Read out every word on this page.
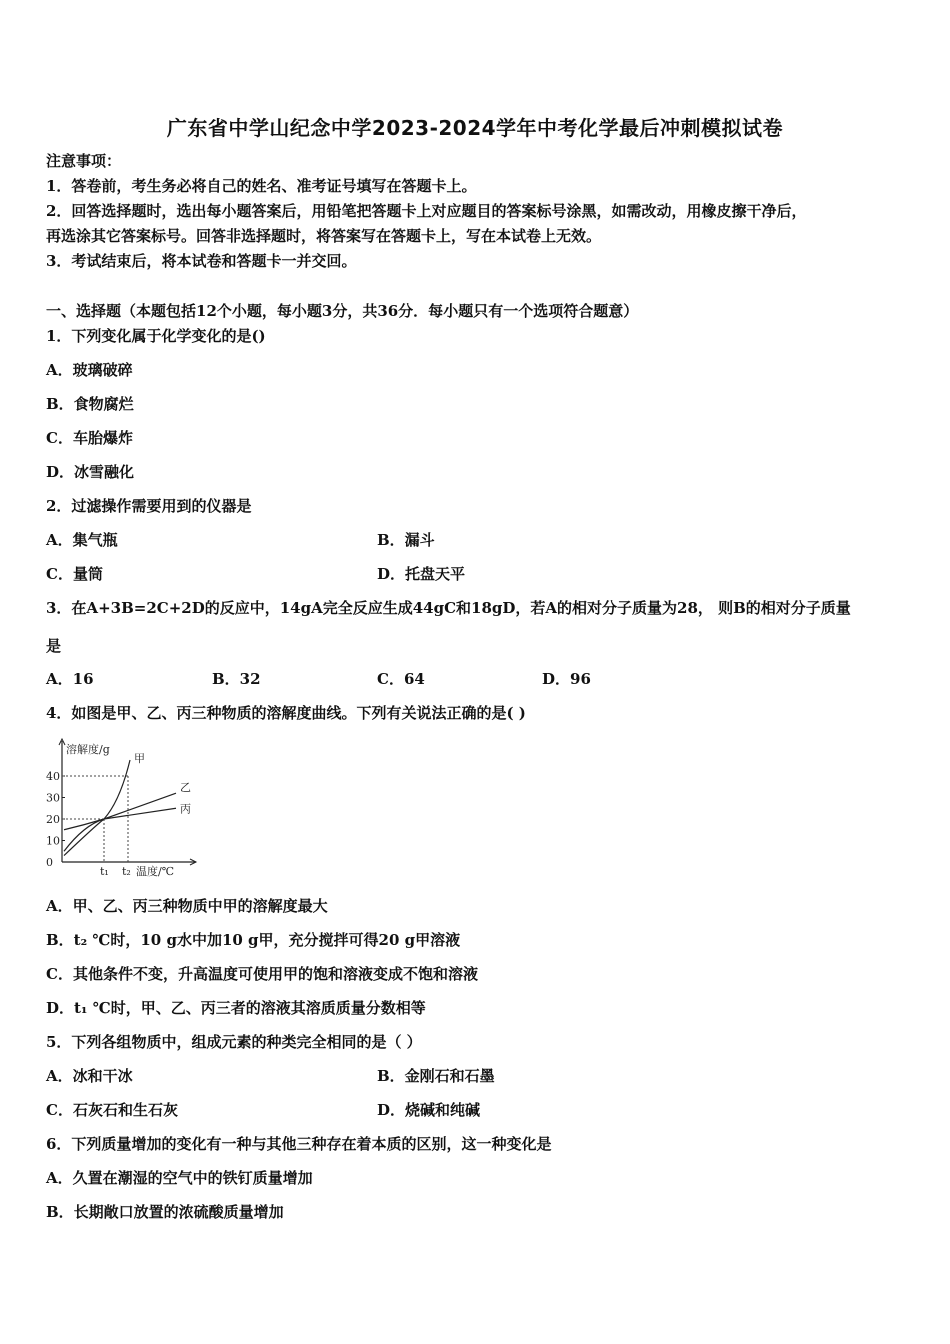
广东省中学山纪念中学2023-2024学年中考化学最后冲刺模拟试卷
注意事项：
1．答卷前，考生务必将自己的姓名、准考证号填写在答题卡上。
2．回答选择题时，选出每小题答案后，用铅笔把答题卡上对应题目的答案标号涂黑，如需改动，用橡皮擦干净后，
再选涂其它答案标号。回答非选择题时，将答案写在答题卡上，写在本试卷上无效。
3．考试结束后，将本试卷和答题卡一并交回。
一、选择题（本题包括12个小题，每小题3分，共36分．每小题只有一个选项符合题意）
1．下列变化属于化学变化的是()
A．玻璃破碎
B．食物腐烂
C．车胎爆炸
D．冰雪融化
2．过滤操作需要用到的仪器是
A．集气瓶	B．漏斗
C．量筒	D．托盘天平
3．在A+3B=2C+2D的反应中，14gA完全反应生成44gC和18gD，若A的相对分子质量为28， 则B的相对分子质量
是
A．16	B．32	C．64	D．96
4．如图是甲、乙、丙三种物质的溶解度曲线。下列有关说法正确的是( )
溶解度/g
40
30
20
10
0
t₁ t₂ 温度/℃
甲
乙
丙
A．甲、乙、丙三种物质中甲的溶解度最大
B．t₂ ℃时，10 g水中加10 g甲，充分搅拌可得20 g甲溶液
C．其他条件不变，升高温度可使用甲的饱和溶液变成不饱和溶液
D．t₁ ℃时，甲、乙、丙三者的溶液其溶质质量分数相等
5．下列各组物质中，组成元素的种类完全相同的是（ ）
A．冰和干冰	B．金刚石和石墨
C．石灰石和生石灰	D．烧碱和纯碱
6．下列质量增加的变化有一种与其他三种存在着本质的区别，这一种变化是
A．久置在潮湿的空气中的铁钉质量增加
B．长期敞口放置的浓硫酸质量增加
